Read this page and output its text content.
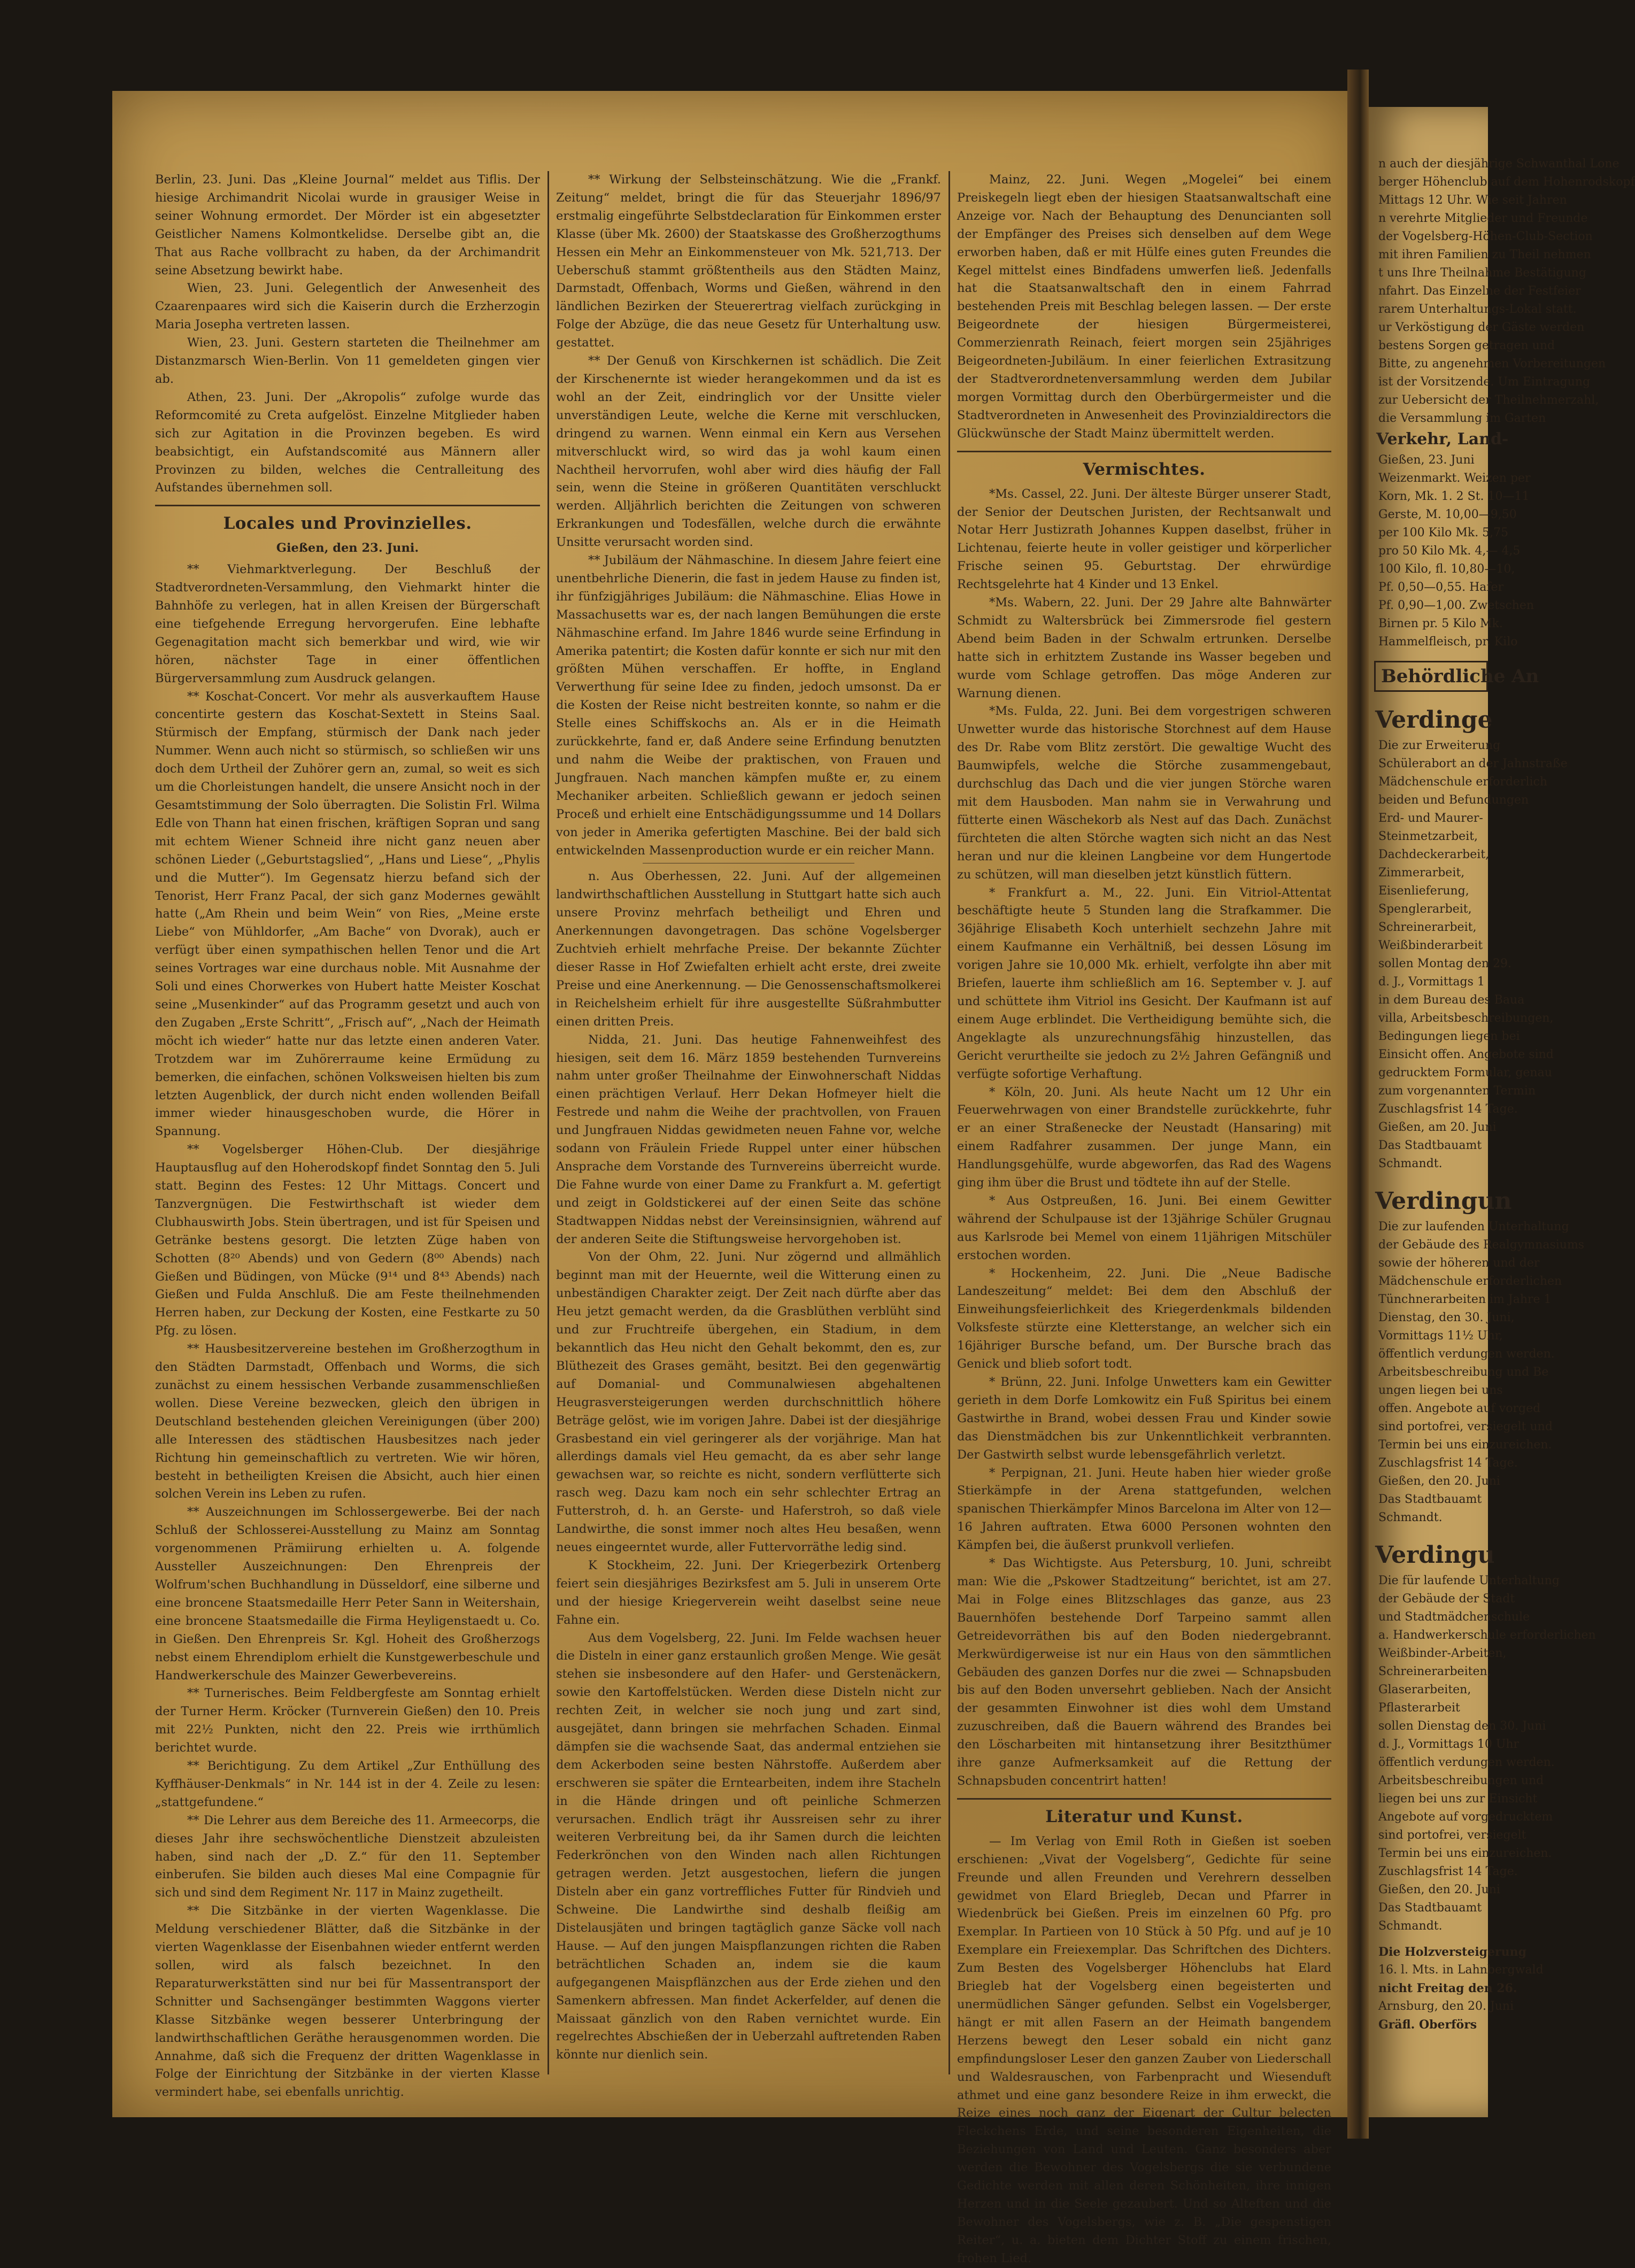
Berlin, 23. Juni. Das „Kleine Journal“ meldet aus Tiflis. Der hiesige Archimandrit Nicolai wurde in grausiger Weise in seiner Wohnung ermordet. Der Mörder ist ein abgesetzter Geistlicher Namens Kolmontkelidse. Derselbe gibt an, die That aus Rache vollbracht zu haben, da der Archimandrit seine Absetzung bewirkt habe.

Wien, 23. Juni. Gelegentlich der Anwesenheit des Czaarenpaares wird sich die Kaiserin durch die Erzherzogin Maria Josepha vertreten lassen.

Wien, 23. Juni. Gestern starteten die Theilnehmer am Distanzmarsch Wien-Berlin. Von 11 gemeldeten gingen vier ab.

Athen, 23. Juni. Der „Akropolis“ zufolge wurde das Reformcomité zu Creta aufgelöst. Einzelne Mitglieder haben sich zur Agitation in die Provinzen begeben. Es wird beabsichtigt, ein Aufstandscomité aus Männern aller Provinzen zu bilden, welches die Centralleitung des Aufstandes übernehmen soll.

Locales und Provinzielles.
Gießen, den 23. Juni.

** Viehmarktverlegung. Der Beschluß der Stadtverordneten-Versammlung, den Viehmarkt hinter die Bahnhöfe zu verlegen, hat in allen Kreisen der Bürgerschaft eine tiefgehende Erregung hervorgerufen. Eine lebhafte Gegenagitation macht sich bemerkbar und wird, wie wir hören, nächster Tage in einer öffentlichen Bürgerversammlung zum Ausdruck gelangen.

** Koschat-Concert. Vor mehr als ausverkauftem Hause concentirte gestern das Koschat-Sextett in Steins Saal. Stürmisch der Empfang, stürmisch der Dank nach jeder Nummer. Wenn auch nicht so stürmisch, so schließen wir uns doch dem Urtheil der Zuhörer gern an, zumal, so weit es sich um die Chorleistungen handelt, die unsere Ansicht noch in der Gesamtstimmung der Solo überragten. Die Solistin Frl. Wilma Edle von Thann hat einen frischen, kräftigen Sopran und sang mit echtem Wiener Schneid ihre nicht ganz neuen aber schönen Lieder („Geburtstagslied“, „Hans und Liese“, „Phylis und die Mutter“). Im Gegensatz hierzu befand sich der Tenorist, Herr Franz Pacal, der sich ganz Modernes gewählt hatte („Am Rhein und beim Wein“ von Ries, „Meine erste Liebe“ von Mühldorfer, „Am Bache“ von Dvorak), auch er verfügt über einen sympathischen hellen Tenor und die Art seines Vortrages war eine durchaus noble. Mit Ausnahme der Soli und eines Chorwerkes von Hubert hatte Meister Koschat seine „Musenkinder“ auf das Programm gesetzt und auch von den Zugaben „Erste Schritt“, „Frisch auf“, „Nach der Heimath möcht ich wieder“ hatte nur das letzte einen anderen Vater. Trotzdem war im Zuhörerraume keine Ermüdung zu bemerken, die einfachen, schönen Volksweisen hielten bis zum letzten Augenblick, der durch nicht enden wollenden Beifall immer wieder hinausgeschoben wurde, die Hörer in Spannung.

** Vogelsberger Höhen-Club. Der diesjährige Hauptausflug auf den Hoherodskopf findet Sonntag den 5. Juli statt. Beginn des Festes: 12 Uhr Mittags. Concert und Tanzvergnügen. Die Festwirthschaft ist wieder dem Clubhauswirth Jobs. Stein übertragen, und ist für Speisen und Getränke bestens gesorgt. Die letzten Züge haben von Schotten (8²⁰ Abends) und von Gedern (8⁰⁰ Abends) nach Gießen und Büdingen, von Mücke (9¹⁴ und 8⁴³ Abends) nach Gießen und Fulda Anschluß. Die am Feste theilnehmenden Herren haben, zur Deckung der Kosten, eine Festkarte zu 50 Pfg. zu lösen.

** Hausbesitzervereine bestehen im Großherzogthum in den Städten Darmstadt, Offenbach und Worms, die sich zunächst zu einem hessischen Verbande zusammenschließen wollen. Diese Vereine bezwecken, gleich den übrigen in Deutschland bestehenden gleichen Vereinigungen (über 200) alle Interessen des städtischen Hausbesitzes nach jeder Richtung hin gemeinschaftlich zu vertreten. Wie wir hören, besteht in betheiligten Kreisen die Absicht, auch hier einen solchen Verein ins Leben zu rufen.

** Auszeichnungen im Schlossergewerbe. Bei der nach Schluß der Schlosserei-Ausstellung zu Mainz am Sonntag vorgenommenen Prämiirung erhielten u. A. folgende Aussteller Auszeichnungen: Den Ehrenpreis der Wolfrum'schen Buchhandlung in Düsseldorf, eine silberne und eine broncene Staatsmedaille Herr Peter Sann in Weitershain, eine broncene Staatsmedaille die Firma Heyligenstaedt u. Co. in Gießen. Den Ehrenpreis Sr. Kgl. Hoheit des Großherzogs nebst einem Ehrendiplom erhielt die Kunstgewerbeschule und Handwerkerschule des Mainzer Gewerbevereins.

** Turnerisches. Beim Feldbergfeste am Sonntag erhielt der Turner Herm. Kröcker (Turnverein Gießen) den 10. Preis mit 22½ Punkten, nicht den 22. Preis wie irrthümlich berichtet wurde.

** Berichtigung. Zu dem Artikel „Zur Enthüllung des Kyffhäuser-Denkmals“ in Nr. 144 ist in der 4. Zeile zu lesen: „stattgefundene.“

** Die Lehrer aus dem Bereiche des 11. Armeecorps, die dieses Jahr ihre sechswöchentliche Dienstzeit abzuleisten haben, sind nach der „D. Z.“ für den 11. September einberufen. Sie bilden auch dieses Mal eine Compagnie für sich und sind dem Regiment Nr. 117 in Mainz zugetheilt.

** Die Sitzbänke in der vierten Wagenklasse. Die Meldung verschiedener Blätter, daß die Sitzbänke in der vierten Wagenklasse der Eisenbahnen wieder entfernt werden sollen, wird als falsch bezeichnet. In den Reparaturwerkstätten sind nur bei für Massentransport der Schnitter und Sachsengänger bestimmten Waggons vierter Klasse Sitzbänke wegen besserer Unterbringung der landwirthschaftlichen Geräthe herausgenommen worden. Die Annahme, daß sich die Frequenz der dritten Wagenklasse in Folge der Einrichtung der Sitzbänke in der vierten Klasse vermindert habe, sei ebenfalls unrichtig.

** Wirkung der Selbsteinschätzung. Wie die „Frankf. Zeitung“ meldet, bringt die für das Steuerjahr 1896/97 erstmalig eingeführte Selbstdeclaration für Einkommen erster Klasse (über Mk. 2600) der Staatskasse des Großherzogthums Hessen ein Mehr an Einkommensteuer von Mk. 521,713. Der Ueberschuß stammt größtentheils aus den Städten Mainz, Darmstadt, Offenbach, Worms und Gießen, während in den ländlichen Bezirken der Steuerertrag vielfach zurückging in Folge der Abzüge, die das neue Gesetz für Unterhaltung usw. gestattet.

** Der Genuß von Kirschkernen ist schädlich. Die Zeit der Kirschenernte ist wieder herangekommen und da ist es wohl an der Zeit, eindringlich vor der Unsitte vieler unverständigen Leute, welche die Kerne mit verschlucken, dringend zu warnen. Wenn einmal ein Kern aus Versehen mitverschluckt wird, so wird das ja wohl kaum einen Nachtheil hervorrufen, wohl aber wird dies häufig der Fall sein, wenn die Steine in größeren Quantitäten verschluckt werden. Alljährlich berichten die Zeitungen von schweren Erkrankungen und Todesfällen, welche durch die erwähnte Unsitte verursacht worden sind.

** Jubiläum der Nähmaschine. In diesem Jahre feiert eine unentbehrliche Dienerin, die fast in jedem Hause zu finden ist, ihr fünfzigjähriges Jubiläum: die Nähmaschine. Elias Howe in Massachusetts war es, der nach langen Bemühungen die erste Nähmaschine erfand. Im Jahre 1846 wurde seine Erfindung in Amerika patentirt; die Kosten dafür konnte er sich nur mit den größten Mühen verschaffen. Er hoffte, in England Verwerthung für seine Idee zu finden, jedoch umsonst. Da er die Kosten der Reise nicht bestreiten konnte, so nahm er die Stelle eines Schiffskochs an. Als er in die Heimath zurückkehrte, fand er, daß Andere seine Erfindung benutzten und nahm die Weibe der praktischen, von Frauen und Jungfrauen. Nach manchen kämpfen mußte er, zu einem Mechaniker arbeiten. Schließlich gewann er jedoch seinen Proceß und erhielt eine Entschädigungssumme und 14 Dollars von jeder in Amerika gefertigten Maschine. Bei der bald sich entwickelnden Massenproduction wurde er ein reicher Mann.

n. Aus Oberhessen, 22. Juni. Auf der allgemeinen landwirthschaftlichen Ausstellung in Stuttgart hatte sich auch unsere Provinz mehrfach betheiligt und Ehren und Anerkennungen davongetragen. Das schöne Vogelsberger Zuchtvieh erhielt mehrfache Preise. Der bekannte Züchter dieser Rasse in Hof Zwiefalten erhielt acht erste, drei zweite Preise und eine Anerkennung. — Die Genossenschaftsmolkerei in Reichelsheim erhielt für ihre ausgestellte Süßrahmbutter einen dritten Preis.

Nidda, 21. Juni. Das heutige Fahnenweihfest des hiesigen, seit dem 16. März 1859 bestehenden Turnvereins nahm unter großer Theilnahme der Einwohnerschaft Niddas einen prächtigen Verlauf. Herr Dekan Hofmeyer hielt die Festrede und nahm die Weihe der prachtvollen, von Frauen und Jungfrauen Niddas gewidmeten neuen Fahne vor, welche sodann von Fräulein Friede Ruppel unter einer hübschen Ansprache dem Vorstande des Turnvereins überreicht wurde. Die Fahne wurde von einer Dame zu Frankfurt a. M. gefertigt und zeigt in Goldstickerei auf der einen Seite das schöne Stadtwappen Niddas nebst der Vereinsinsignien, während auf der anderen Seite die Stiftungsweise hervorgehoben ist.

Von der Ohm, 22. Juni. Nur zögernd und allmählich beginnt man mit der Heuernte, weil die Witterung einen zu unbeständigen Charakter zeigt. Der Zeit nach dürfte aber das Heu jetzt gemacht werden, da die Grasblüthen verblüht sind und zur Fruchtreife übergehen, ein Stadium, in dem bekanntlich das Heu nicht den Gehalt bekommt, den es, zur Blüthezeit des Grases gemäht, besitzt. Bei den gegenwärtig auf Domanial- und Communalwiesen abgehaltenen Heugrasversteigerungen werden durchschnittlich höhere Beträge gelöst, wie im vorigen Jahre. Dabei ist der diesjährige Grasbestand ein viel geringerer als der vorjährige. Man hat allerdings damals viel Heu gemacht, da es aber sehr lange gewachsen war, so reichte es nicht, sondern verflütterte sich rasch weg. Dazu kam noch ein sehr schlechter Ertrag an Futterstroh, d. h. an Gerste- und Haferstroh, so daß viele Landwirthe, die sonst immer noch altes Heu besaßen, wenn neues eingeerntet wurde, aller Futtervorräthe ledig sind.

K Stockheim, 22. Juni. Der Kriegerbezirk Ortenberg feiert sein diesjähriges Bezirksfest am 5. Juli in unserem Orte und der hiesige Kriegerverein weiht daselbst seine neue Fahne ein.

Aus dem Vogelsberg, 22. Juni. Im Felde wachsen heuer die Disteln in einer ganz erstaunlich großen Menge. Wie gesät stehen sie insbesondere auf den Hafer- und Gerstenäckern, sowie den Kartoffelstücken. Werden diese Disteln nicht zur rechten Zeit, in welcher sie noch jung und zart sind, ausgejätet, dann bringen sie mehrfachen Schaden. Einmal dämpfen sie die wachsende Saat, das andermal entziehen sie dem Ackerboden seine besten Nährstoffe. Außerdem aber erschweren sie später die Erntearbeiten, indem ihre Stacheln in die Hände dringen und oft peinliche Schmerzen verursachen. Endlich trägt ihr Aussreisen sehr zu ihrer weiteren Verbreitung bei, da ihr Samen durch die leichten Federkrönchen von den Winden nach allen Richtungen getragen werden. Jetzt ausgestochen, liefern die jungen Disteln aber ein ganz vortreffliches Futter für Rindvieh und Schweine. Die Landwirthe sind deshalb fleißig am Distelausjäten und bringen tagtäglich ganze Säcke voll nach Hause. — Auf den jungen Maispflanzungen richten die Raben beträchtlichen Schaden an, indem sie die kaum aufgegangenen Maispflänzchen aus der Erde ziehen und den Samenkern abfressen. Man findet Ackerfelder, auf denen die Maissaat gänzlich von den Raben vernichtet wurde. Ein regelrechtes Abschießen der in Ueberzahl auftretenden Raben könnte nur dienlich sein.

Mainz, 22. Juni. Wegen „Mogelei“ bei einem Preiskegeln liegt eben der hiesigen Staatsanwaltschaft eine Anzeige vor. Nach der Behauptung des Denuncianten soll der Empfänger des Preises sich denselben auf dem Wege erworben haben, daß er mit Hülfe eines guten Freundes die Kegel mittelst eines Bindfadens umwerfen ließ. Jedenfalls hat die Staatsanwaltschaft den in einem Fahrrad bestehenden Preis mit Beschlag belegen lassen. — Der erste Beigeordnete der hiesigen Bürgermeisterei, Commerzienrath Reinach, feiert morgen sein 25jähriges Beigeordneten-Jubiläum. In einer feierlichen Extrasitzung der Stadtverordnetenversammlung werden dem Jubilar morgen Vormittag durch den Oberbürgermeister und die Stadtverordneten in Anwesenheit des Provinzialdirectors die Glückwünsche der Stadt Mainz übermittelt werden.

Vermischtes.

*Ms. Cassel, 22. Juni. Der älteste Bürger unserer Stadt, der Senior der Deutschen Juristen, der Rechtsanwalt und Notar Herr Justizrath Johannes Kuppen daselbst, früher in Lichtenau, feierte heute in voller geistiger und körperlicher Frische seinen 95. Geburtstag. Der ehrwürdige Rechtsgelehrte hat 4 Kinder und 13 Enkel.

*Ms. Wabern, 22. Juni. Der 29 Jahre alte Bahnwärter Schmidt zu Waltersbrück bei Zimmersrode fiel gestern Abend beim Baden in der Schwalm ertrunken. Derselbe hatte sich in erhitztem Zustande ins Wasser begeben und wurde vom Schlage getroffen. Das möge Anderen zur Warnung dienen.

*Ms. Fulda, 22. Juni. Bei dem vorgestrigen schweren Unwetter wurde das historische Storchnest auf dem Hause des Dr. Rabe vom Blitz zerstört. Die gewaltige Wucht des Baumwipfels, welche die Störche zusammengebaut, durchschlug das Dach und die vier jungen Störche waren mit dem Hausboden. Man nahm sie in Verwahrung und fütterte einen Wäschekorb als Nest auf das Dach. Zunächst fürchteten die alten Störche wagten sich nicht an das Nest heran und nur die kleinen Langbeine vor dem Hungertode zu schützen, will man dieselben jetzt künstlich füttern.

* Frankfurt a. M., 22. Juni. Ein Vitriol-Attentat beschäftigte heute 5 Stunden lang die Strafkammer. Die 36jährige Elisabeth Koch unterhielt sechzehn Jahre mit einem Kaufmanne ein Verhältniß, bei dessen Lösung im vorigen Jahre sie 10,000 Mk. erhielt, verfolgte ihn aber mit Briefen, lauerte ihm schließlich am 16. September v. J. auf und schüttete ihm Vitriol ins Gesicht. Der Kaufmann ist auf einem Auge erblindet. Die Vertheidigung bemühte sich, die Angeklagte als unzurechnungsfähig hinzustellen, das Gericht verurtheilte sie jedoch zu 2½ Jahren Gefängniß und verfügte sofortige Verhaftung.

* Köln, 20. Juni. Als heute Nacht um 12 Uhr ein Feuerwehrwagen von einer Brandstelle zurückkehrte, fuhr er an einer Straßenecke der Neustadt (Hansaring) mit einem Radfahrer zusammen. Der junge Mann, ein Handlungsgehülfe, wurde abgeworfen, das Rad des Wagens ging ihm über die Brust und tödtete ihn auf der Stelle.

* Aus Ostpreußen, 16. Juni. Bei einem Gewitter während der Schulpause ist der 13jährige Schüler Grugnau aus Karlsrode bei Memel von einem 11jährigen Mitschüler erstochen worden.

* Hockenheim, 22. Juni. Die „Neue Badische Landeszeitung“ meldet: Bei dem den Abschluß der Einweihungsfeierlichkeit des Kriegerdenkmals bildenden Volksfeste stürzte eine Kletterstange, an welcher sich ein 16jähriger Bursche befand, um. Der Bursche brach das Genick und blieb sofort todt.

* Brünn, 22. Juni. Infolge Unwetters kam ein Gewitter gerieth in dem Dorfe Lomkowitz ein Fuß Spiritus bei einem Gastwirthe in Brand, wobei dessen Frau und Kinder sowie das Dienstmädchen bis zur Unkenntlichkeit verbrannten. Der Gastwirth selbst wurde lebensgefährlich verletzt.

* Perpignan, 21. Juni. Heute haben hier wieder große Stierkämpfe in der Arena stattgefunden, welchen spanischen Thierkämpfer Minos Barcelona im Alter von 12—16 Jahren auftraten. Etwa 6000 Personen wohnten den Kämpfen bei, die äußerst prunkvoll verliefen.

* Das Wichtigste. Aus Petersburg, 10. Juni, schreibt man: Wie die „Pskower Stadtzeitung“ berichtet, ist am 27. Mai in Folge eines Blitzschlages das ganze, aus 23 Bauernhöfen bestehende Dorf Tarpeino sammt allen Getreidevorräthen bis auf den Boden niedergebrannt. Merkwürdigerweise ist nur ein Haus von den sämmtlichen Gebäuden des ganzen Dorfes nur die zwei — Schnapsbuden bis auf den Boden unversehrt geblieben. Nach der Ansicht der gesammten Einwohner ist dies wohl dem Umstand zuzuschreiben, daß die Bauern während des Brandes bei den Löscharbeiten mit hintansetzung ihrer Besitzthümer ihre ganze Aufmerksamkeit auf die Rettung der Schnapsbuden concentrirt hatten!

Literatur und Kunst.

— Im Verlag von Emil Roth in Gießen ist soeben erschienen: „Vivat der Vogelsberg“, Gedichte für seine Freunde und allen Freunden und Verehrern desselben gewidmet von Elard Briegleb, Decan und Pfarrer in Wiedenbrück bei Gießen. Preis im einzelnen 60 Pfg. pro Exemplar. In Partieen von 10 Stück à 50 Pfg. und auf je 10 Exemplare ein Freiexemplar. Das Schriftchen des Dichters. Zum Besten des Vogelsberger Höhenclubs hat Elard Briegleb hat der Vogelsberg einen begeisterten und unermüdlichen Sänger gefunden. Selbst ein Vogelsberger, hängt er mit allen Fasern an der Heimath bangendem Herzens bewegt den Leser sobald ein nicht ganz empfindungsloser Leser den ganzen Zauber von Liederschall und Waldesrauschen, von Farbenpracht und Wiesenduft athmet und eine ganz besondere Reize in ihm erweckt, die Reize eines noch ganz der Eigenart der Cultur belecten Fleckchens Erde, und seine besonderen Eigenheiten, die Beziehungen von Land und Leuten. Ganz besonders aber werden die Bewohner des Vogelsbergs die sie verbundene Gedichte werden mit allen deren Schönheiten, ihre innigen Herzen und in die Seele gezaubert. Und so Alteften und die Bewohner des Vogelsbergs, wie z. B. „Die gespenstigen Reiter“, u. a. bieten dem Dichter Stoff zu einem frischen, frohen Lied.

n auch der diesjährige Schwanthal Lone
berger Höhenclub auf dem Hohenrodskopf
Mittags 12 Uhr. Wie seit Jahren
n verehrte Mitglieder und Freunde
der Vogelsberg-Höhen-Club-Section
mit ihren Familien zu Theil nehmen
t uns Ihre Theilnahme Bestätigung
nfahrt. Das Einzelne der Festfeier
rarem Unterhaltungs-Lokal statt.
ur Verköstigung der Gäste werden
bestens Sorgen getragen und
Bitte, zu angenehmen Vorbereitungen
ist der Vorsitzende. Um Eintragung
zur Uebersicht der Theilnehmerzahl,
die Versammlung im Garten
Verkehr, Land-
Gießen, 23. Juni
Weizenmarkt. Weizen per
Korn, Mk. 1. 2 St. 10—11
Gerste, M. 10,00—9,50
per 100 Kilo Mk. 5,75
pro 50 Kilo Mk. 4,— 4,5
100 Kilo, fl. 10,80—10,
Pf. 0,50—0,55. Hafer
Pf. 0,90—1,00. Zwetschen
Birnen pr. 5 Kilo Mk.
Hammelfleisch, pr. Kilo
Behördliche An
Verdinge
Die zur Erweiterung
Schülerabort an der Jahnstraße
Mädchenschule erforderlich
beiden und Befundungen
Erd- und Maurer-
Steinmetzarbeit,
Dachdeckerarbeit,
Zimmerarbeit,
Eisenlieferung,
Spenglerarbeit,
Schreinerarbeit,
Weißbinderarbeit
sollen Montag den 29.
d. J., Vormittags 1
in dem Bureau des Baua
villa, Arbeitsbeschreibungen,
Bedingungen liegen bei
Einsicht offen. Angebote sind
gedrucktem Formular, genau
zum vorgenannten Termin
Zuschlagsfrist 14 Tage.
Gießen, am 20. Juni
Das Stadtbauamt
Schmandt.
Verdingun
Die zur laufenden Unterhaltung
der Gebäude des Realgymnasiums
sowie der höheren und der
Mädchenschule erforderlichen
Tünchnerarbeiten im Jahre 1
Dienstag, den 30. Juni,
Vormittags 11½ Uhr,
öffentlich verdungen werden.
Arbeitsbeschreibung und Be
ungen liegen bei uns
offen. Angebote auf vorged
sind portofrei, versiegelt und
Termin bei uns einzureichen.
Zuschlagsfrist 14 Tage.
Gießen, den 20. Juni
Das Stadtbauamt
Schmandt.
Verdingu
Die für laufende Unterhaltung
der Gebäude der Stadt
und Stadtmädchenschule
a. Handwerkerschule erforderlichen
Weißbinder-Arbeiten,
Schreinerarbeiten,
Glaserarbeiten,
Pflasterarbeit
sollen Dienstag den 30. Juni
d. J., Vormittags 10 Uhr
öffentlich verdungen werden.
Arbeitsbeschreibungen und
liegen bei uns zur Einsicht
Angebote auf vorgedrucktem
sind portofrei, versiegelt
Termin bei uns einzureichen.
Zuschlagsfrist 14 Tage.
Gießen, den 20. Juni
Das Stadtbauamt
Schmandt.
Die Holzversteigerung
16. l. Mts. in Lahnbergwald
nicht Freitag den 26.
Arnsburg, den 20. Juni
Gräfl. Oberförs
